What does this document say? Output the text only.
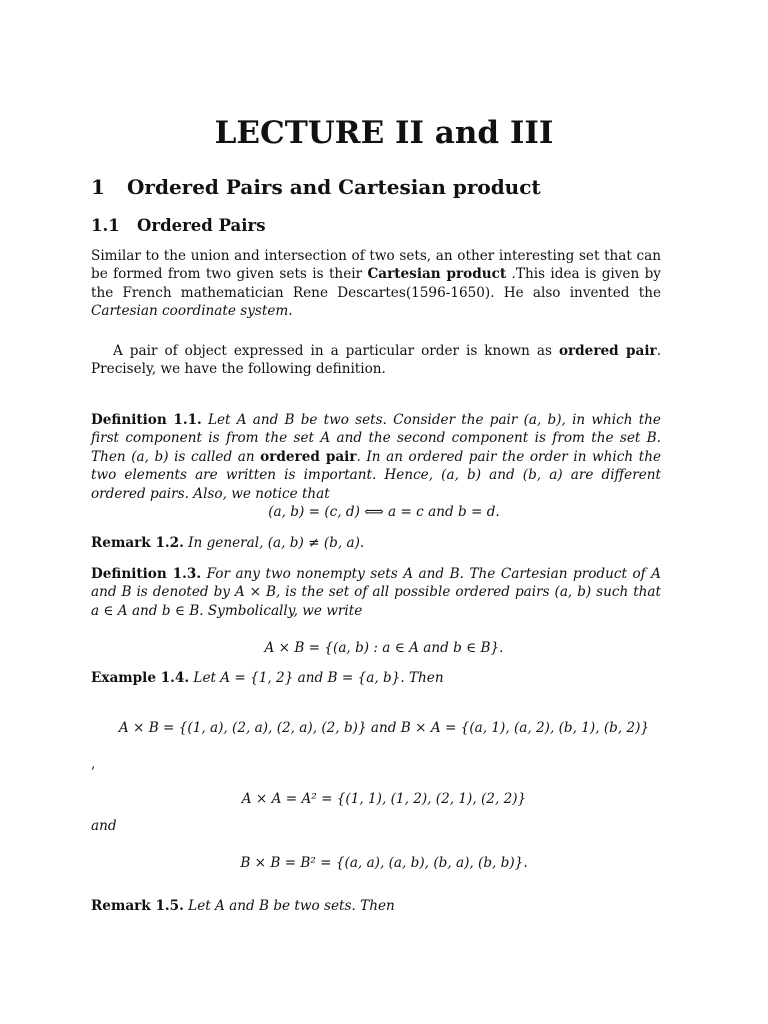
LECTURE II and III
1 Ordered Pairs and Cartesian product
1.1 Ordered Pairs

Similar to the union and intersection of two sets, an other interesting set that can be formed from two given sets is their Cartesian product .This idea is given by the French mathematician Rene Descartes(1596-1650). He also invented the Cartesian coordinate system.

A pair of object expressed in a particular order is known as ordered pair. Precisely, we have the following definition.

Definition 1.1. Let A and B be two sets. Consider the pair (a, b), in which the first component is from the set A and the second component is from the set B. Then (a, b) is called an ordered pair. In an ordered pair the order in which the two elements are written is important. Hence, (a, b) and (b, a) are different ordered pairs. Also, we notice that

(a, b) = (c, d) ⟺ a = c and b = d.

Remark 1.2. In general, (a, b) ≠ (b, a).

Definition 1.3. For any two nonempty sets A and B. The Cartesian product of A and B is denoted by A × B, is the set of all possible ordered pairs (a, b) such that a ∈ A and b ∈ B. Symbolically, we write

A × B = {(a, b) : a ∈ A and b ∈ B}.

Example 1.4. Let A = {1, 2} and B = {a, b}. Then

A × B = {(1, a), (2, a), (2, a), (2, b)} and B × A = {(a, 1), (a, 2), (b, 1), (b, 2)}
,
A × A = A² = {(1, 1), (1, 2), (2, 1), (2, 2)}
and
B × B = B² = {(a, a), (a, b), (b, a), (b, b)}.

Remark 1.5. Let A and B be two sets. Then
